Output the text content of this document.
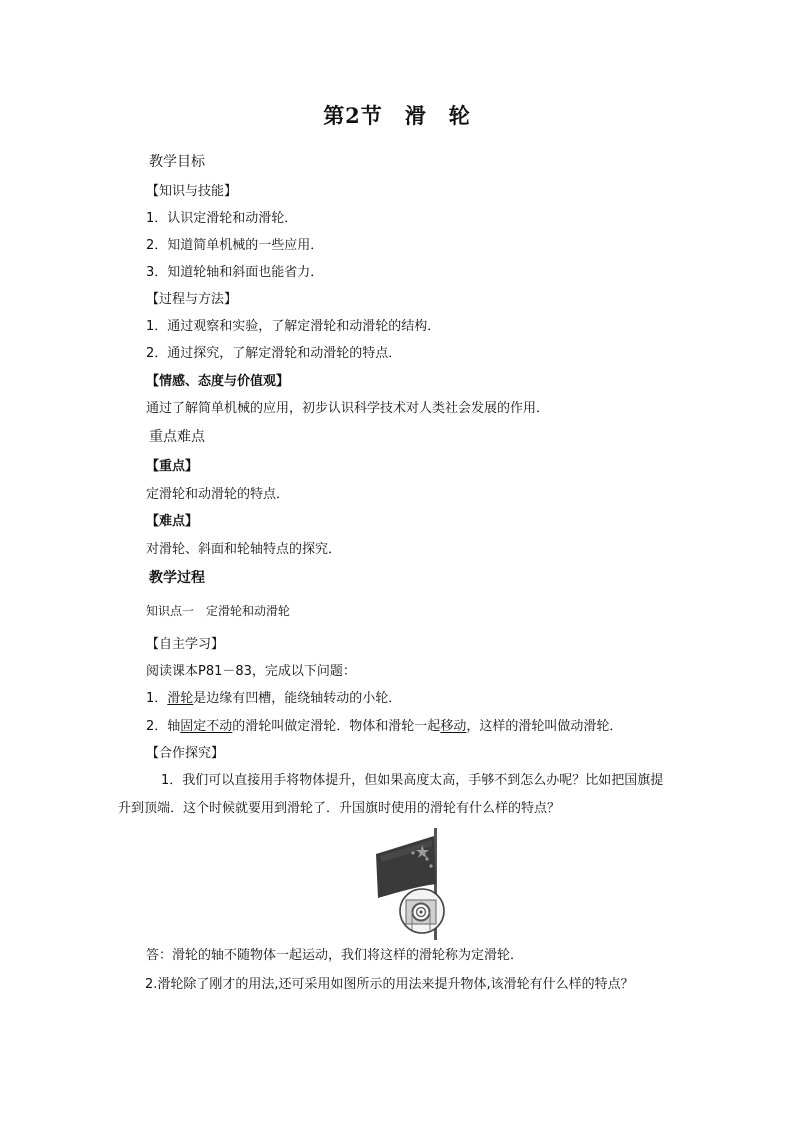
第2节　滑　轮
教学目标
【知识与技能】
1．认识定滑轮和动滑轮．
2．知道简单机械的一些应用．
3．知道轮轴和斜面也能省力．
【过程与方法】
1．通过观察和实验，了解定滑轮和动滑轮的结构．
2．通过探究，了解定滑轮和动滑轮的特点．
【情感、态度与价值观】
通过了解简单机械的应用，初步认识科学技术对人类社会发展的作用．
重点难点
【重点】
定滑轮和动滑轮的特点．
【难点】
对滑轮、斜面和轮轴特点的探究．
教学过程
知识点一　定滑轮和动滑轮
【自主学习】
阅读课本P81－83，完成以下问题：
1．滑轮是边缘有凹槽，能绕轴转动的小轮．
2．轴固定不动的滑轮叫做定滑轮．物体和滑轮一起移动，这样的滑轮叫做动滑轮．
【合作探究】
1．我们可以直接用手将物体提升，但如果高度太高，手够不到怎么办呢？比如把国旗提
升到顶端．这个时候就要用到滑轮了．升国旗时使用的滑轮有什么样的特点？
答：滑轮的轴不随物体一起运动，我们将这样的滑轮称为定滑轮．
2.滑轮除了刚才的用法,还可采用如图所示的用法来提升物体,该滑轮有什么样的特点？
